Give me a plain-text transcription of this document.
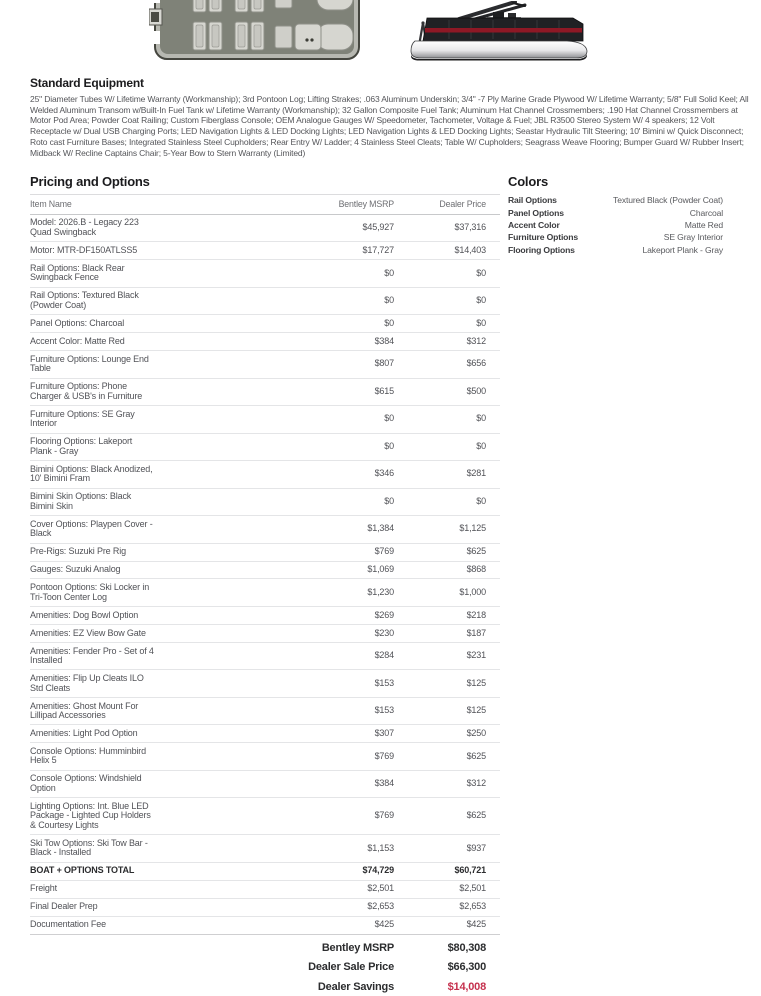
Standard Equipment

25" Diameter Tubes W/ Lifetime Warranty (Workmanship); 3rd Pontoon Log; Lifting Strakes; .063 Aluminum Underskin; 3/4" -7 Ply Marine Grade Plywood W/ Lifetime Warranty; 5/8" Full Solid Keel; All Welded Aluminum Transom w/Built-In Fuel Tank w/ Lifetime Warranty (Workmanship); 32 Gallon Composite Fuel Tank; Aluminum Hat Channel Crossmembers; .190 Hat Channel Crossmembers at Motor Pod Area; Powder Coat Railing; Custom Fiberglass Console; OEM Analogue Gauges W/ Speedometer, Tachometer, Voltage & Fuel; JBL R3500 Stereo System W/ 4 speakers; 12 Volt Receptacle w/ Dual USB Charging Ports; LED Navigation Lights & LED Docking Lights; LED Navigation Lights & LED Docking Lights; Seastar Hydraulic Tilt Steering; 10' Bimini w/ Quick Disconnect; Roto cast Furniture Bases; Integrated Stainless Steel Cupholders; Rear Entry W/ Ladder; 4 Stainless Steel Cleats; Table W/ Cupholders; Seagrass Weave Flooring; Bumper Guard W/ Rubber Insert; Midback W/ Recline Captains Chair; 5-Year Bow to Stern Warranty (Limited)

Pricing and Options
Item Name	Bentley MSRP	Dealer Price
Model: 2026.B - Legacy 223 Quad Swingback	$45,927	$37,316
Motor: MTR-DF150ATLSS5	$17,727	$14,403
Rail Options: Black Rear Swingback Fence	$0	$0
Rail Options: Textured Black (Powder Coat)	$0	$0
Panel Options: Charcoal	$0	$0
Accent Color: Matte Red	$384	$312
Furniture Options: Lounge End Table	$807	$656
Furniture Options: Phone Charger & USB's in Furniture	$615	$500
Furniture Options: SE Gray Interior	$0	$0
Flooring Options: Lakeport Plank - Gray	$0	$0
Bimini Options: Black Anodized, 10' Bimini Fram	$346	$281
Bimini Skin Options: Black Bimini Skin	$0	$0
Cover Options: Playpen Cover - Black	$1,384	$1,125
Pre-Rigs: Suzuki Pre Rig	$769	$625
Gauges: Suzuki Analog	$1,069	$868
Pontoon Options: Ski Locker in Tri-Toon Center Log	$1,230	$1,000
Amenities: Dog Bowl Option	$269	$218
Amenities: EZ View Bow Gate	$230	$187
Amenities: Fender Pro - Set of 4 Installed	$284	$231
Amenities: Flip Up Cleats ILO Std Cleats	$153	$125
Amenities: Ghost Mount For Lillipad Accessories	$153	$125
Amenities: Light Pod Option	$307	$250
Console Options: Humminbird Helix 5	$769	$625
Console Options: Windshield Option	$384	$312
Lighting Options: Int. Blue LED Package - Lighted Cup Holders & Courtesy Lights	$769	$625
Ski Tow Options: Ski Tow Bar - Black - Installed	$1,153	$937
BOAT + OPTIONS TOTAL	$74,729	$60,721
Freight	$2,501	$2,501
Final Dealer Prep	$2,653	$2,653
Documentation Fee	$425	$425
Bentley MSRP	$80,308
Dealer Sale Price	$66,300
Dealer Savings	$14,008
Colors
Rail Options	Textured Black (Powder Coat)
Panel Options	Charcoal
Accent Color	Matte Red
Furniture Options	SE Gray Interior
Flooring Options	Lakeport Plank - Gray
